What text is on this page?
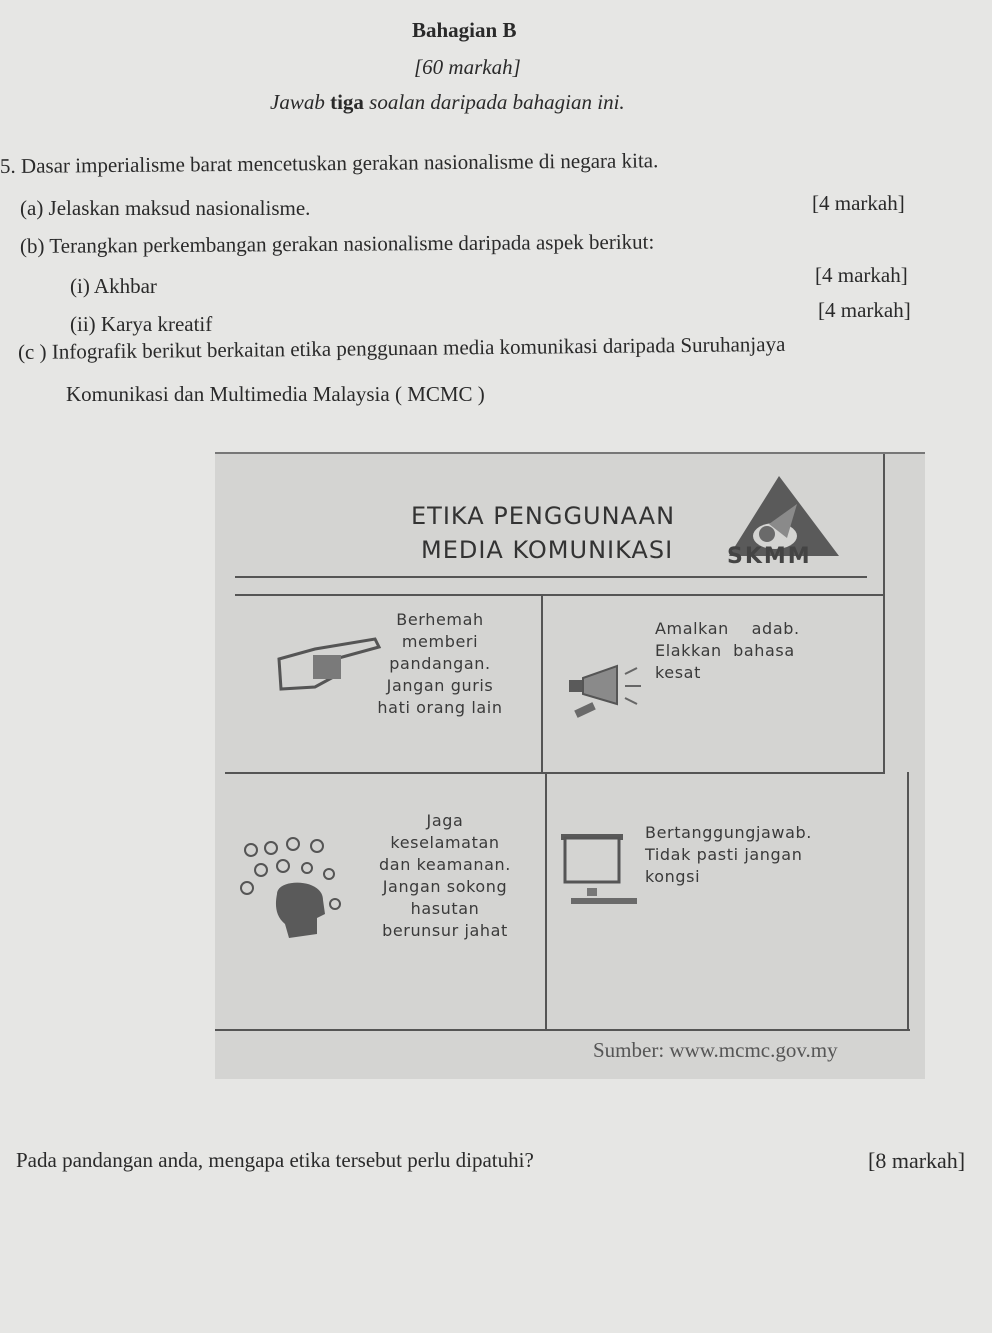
Bahagian B
[60 markah]
Jawab tiga soalan daripada bahagian ini.
5. Dasar imperialisme barat mencetuskan gerakan nasionalisme di negara kita.
(a) Jelaskan maksud nasionalisme.	[4 markah]
(b) Terangkan perkembangan gerakan nasionalisme daripada aspek berikut:
(i) Akhbar	[4 markah]
(ii) Karya kreatif
[4 markah]
(c ) Infografik berikut berkaitan etika penggunaan media komunikasi daripada Suruhanjaya
Komunikasi dan Multimedia Malaysia ( MCMC )
ETIKA PENGGUNAAN
MEDIA KOMUNIKASI SKMM
Berhemah
memberi
pandangan.
Jangan guris
hati orang lain
Amalkan    adab.
Elakkan  bahasa
kesat
Jaga
keselamatan
dan keamanan.
Jangan sokong
hasutan
berunsur jahat
Bertanggungjawab.
Tidak pasti jangan
kongsi
Sumber: www.mcmc.gov.my
Pada pandangan anda, mengapa etika tersebut perlu dipatuhi?	[8 markah]
